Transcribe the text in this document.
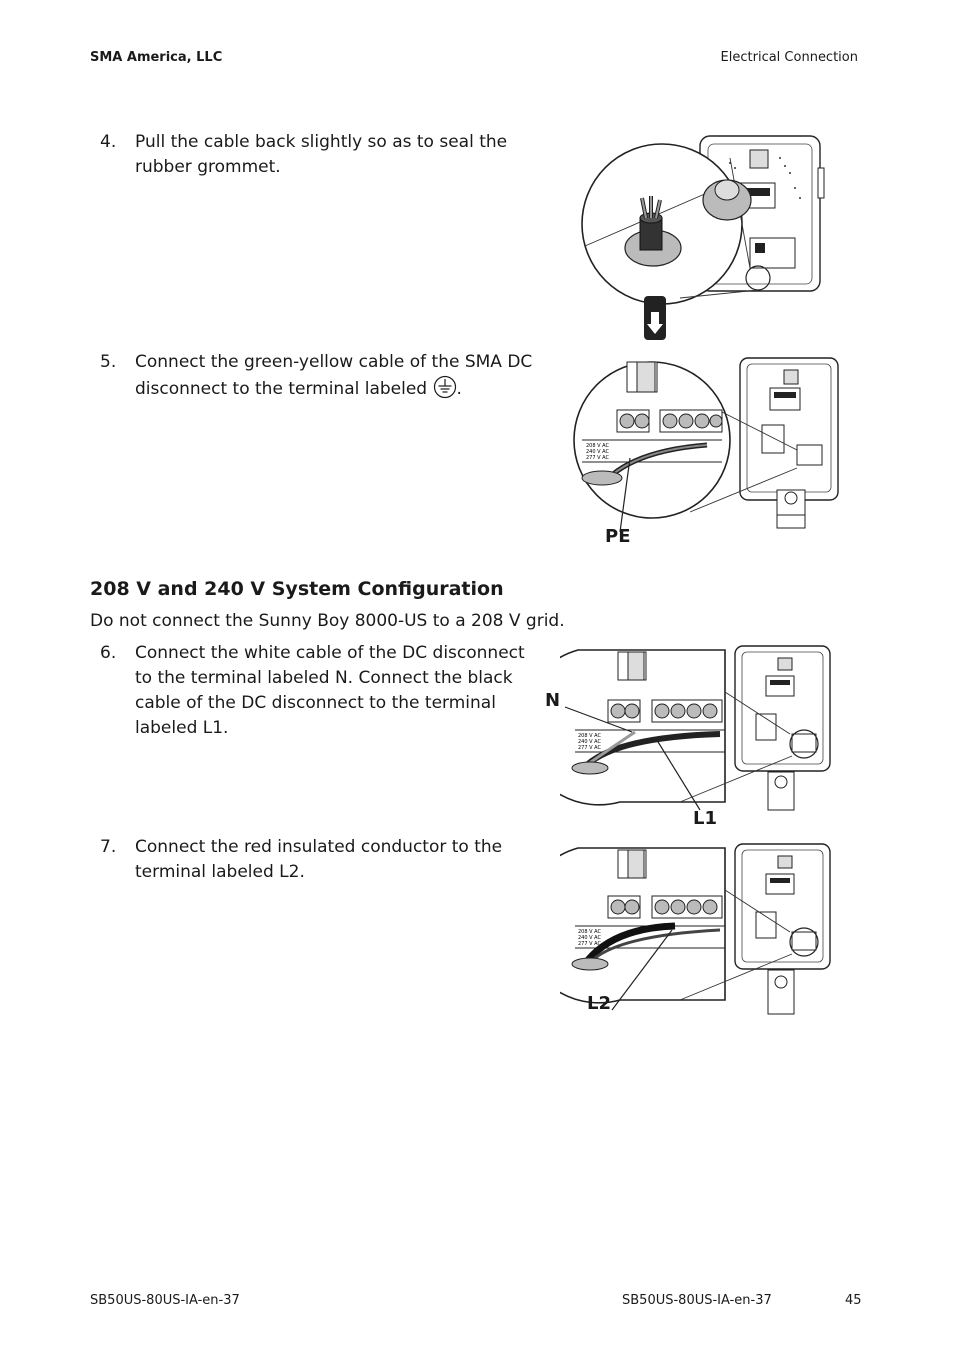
SMA America, LLC	Electrical Connection
4. Pull the cable back slightly so as to seal the rubber grommet.
5. Connect the green-yellow cable of the SMA DC disconnect to the terminal labeled .
208 V and 240 V System Configuration
Do not connect the Sunny Boy 8000-US to a 208 V grid.
6. Connect the white cable of the DC disconnect to the terminal labeled N. Connect the black cable of the DC disconnect to the terminal labeled L1.
7. Connect the red insulated conductor to the terminal labeled L2.
208 V AC
240 V AC
277 V AC
PE
208 V AC
240 V AC
277 V AC
N
L1
208 V AC
240 V AC
277 V AC
L2
SB50US-80US-IA-en-37	SB50US-80US-IA-en-37	45
